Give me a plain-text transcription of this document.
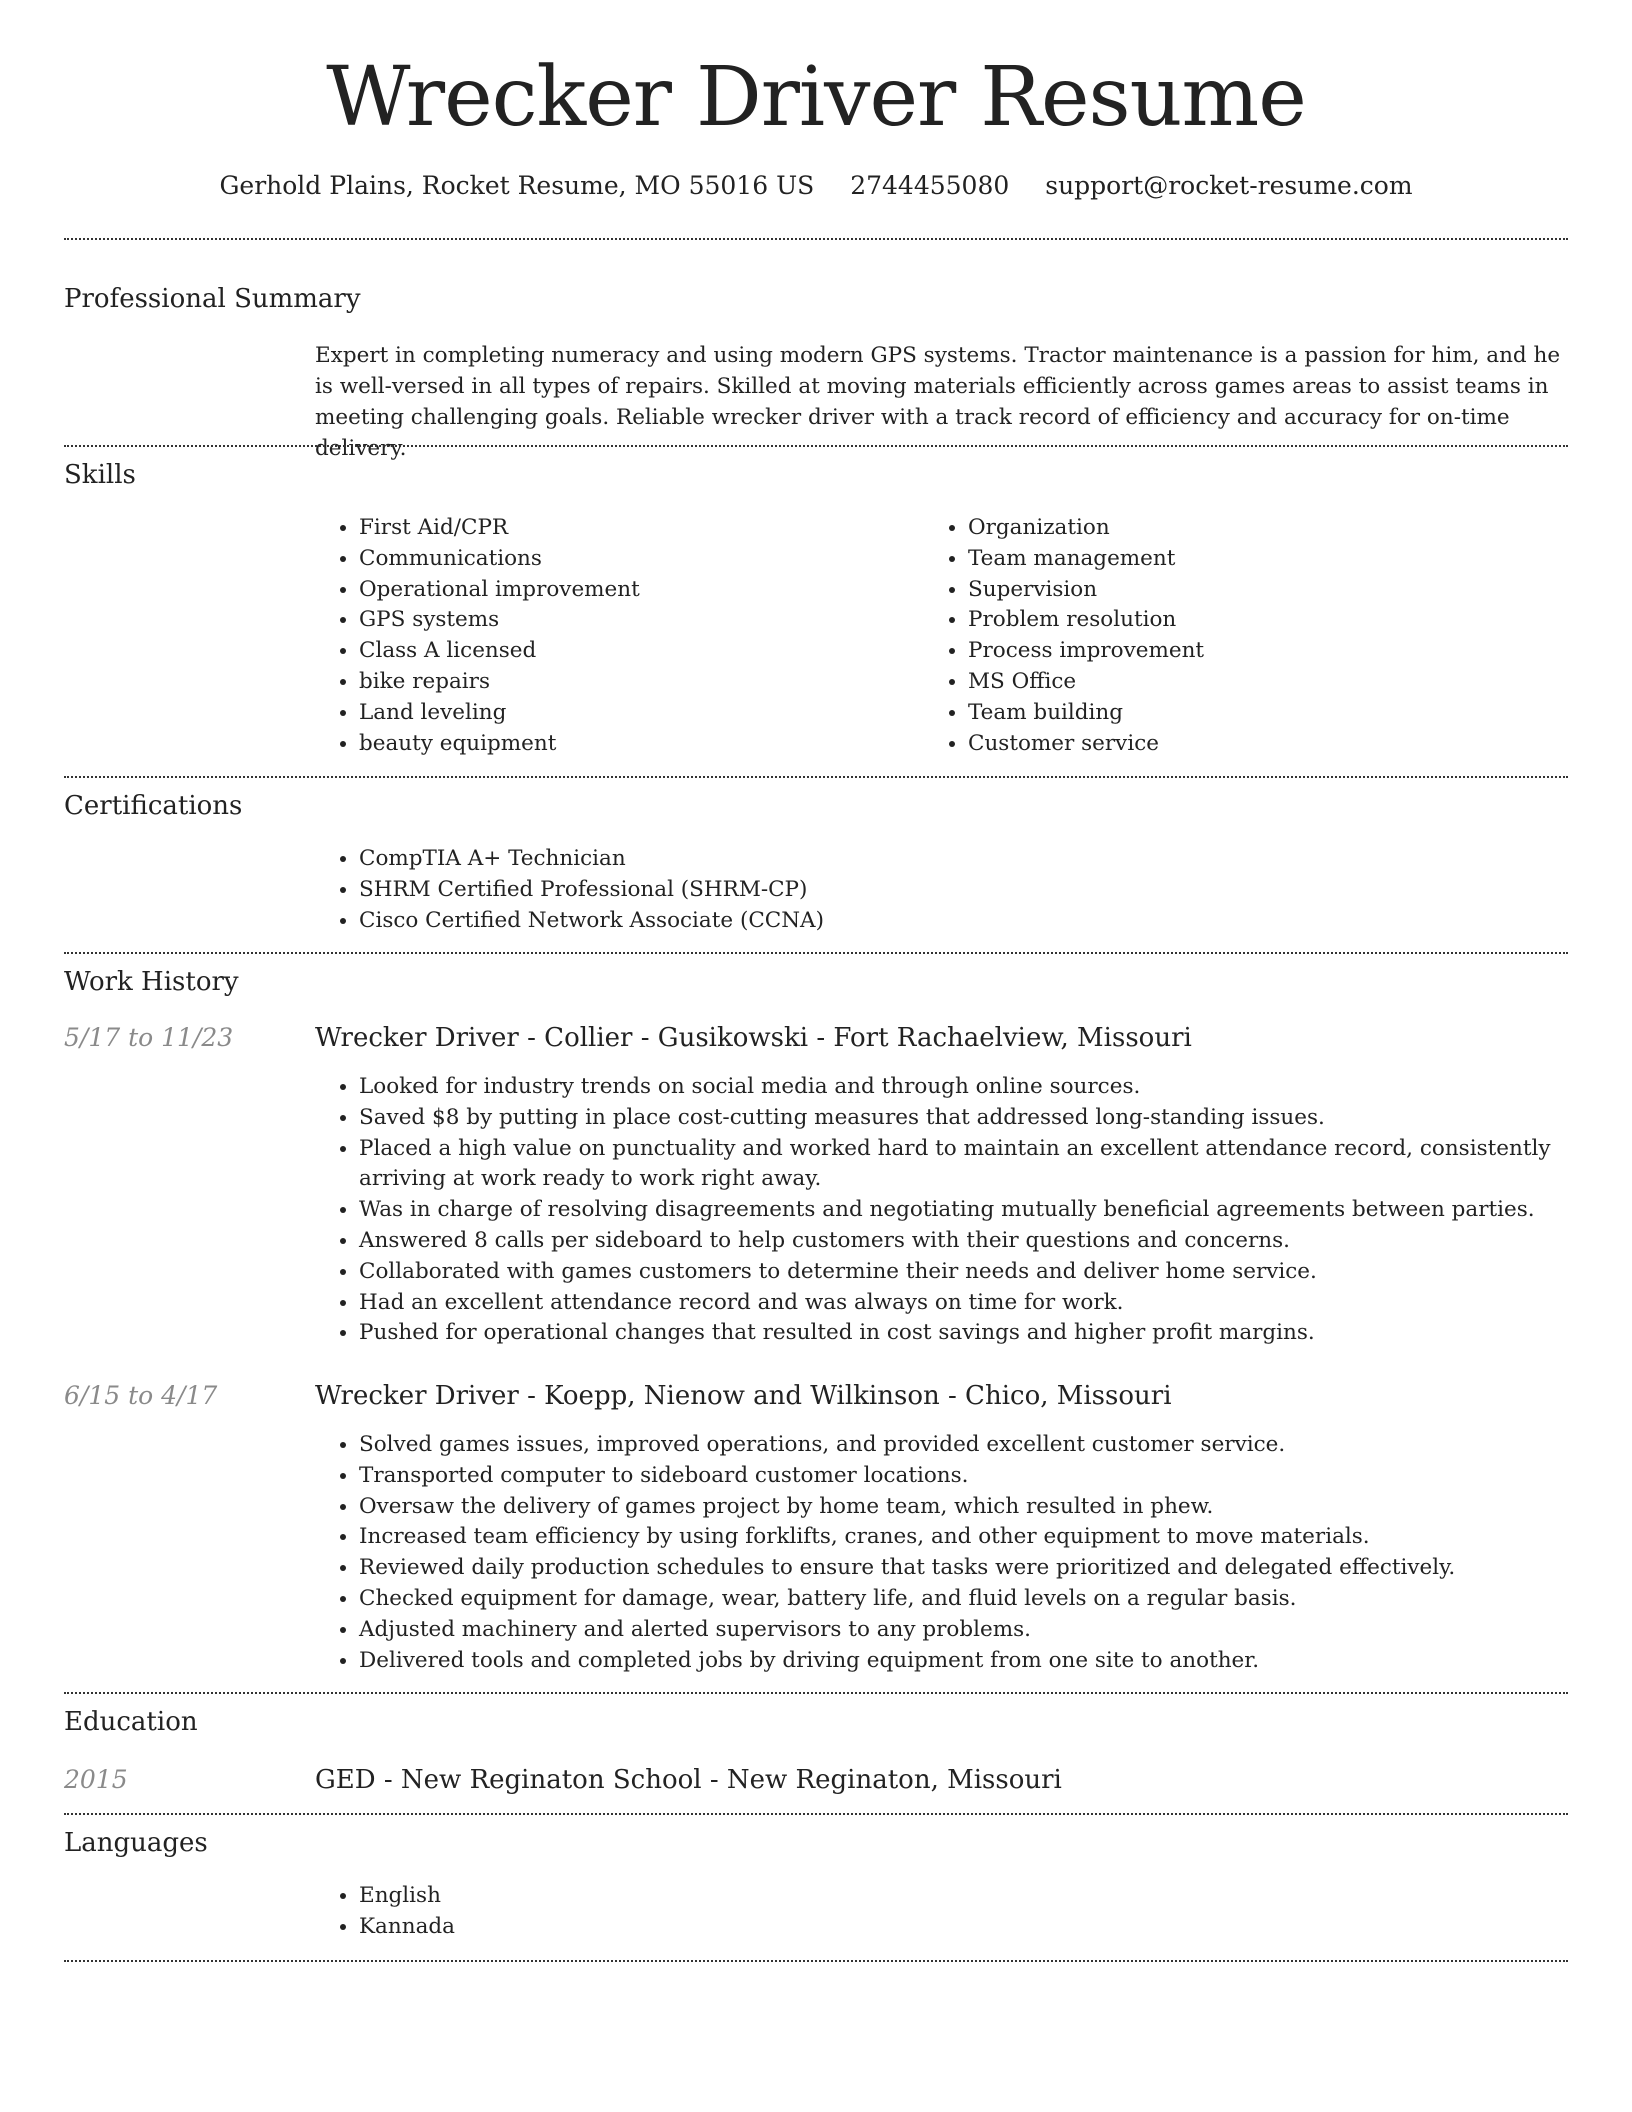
Wrecker Driver Resume
Gerhold Plains, Rocket Resume, MO 55016 US 2744455080 support@rocket-resume.com
Professional Summary

Expert in completing numeracy and using modern GPS systems. Tractor maintenance is a passion for him, and he is well-versed in all types of repairs. Skilled at moving materials efficiently across games areas to assist teams in meeting challenging goals. Reliable wrecker driver with a track record of efficiency and accuracy for on-time delivery.

Skills
• First Aid/CPR
• Communications
• Operational improvement
• GPS systems
• Class A licensed
• bike repairs
• Land leveling
• beauty equipment
• Organization
• Team management
• Supervision
• Problem resolution
• Process improvement
• MS Office
• Team building
• Customer service
Certifications
• CompTIA A+ Technician
• SHRM Certified Professional (SHRM-CP)
• Cisco Certified Network Associate (CCNA)
Work History
5/17 to 11/23	Wrecker Driver - Collier - Gusikowski - Fort Rachaelview, Missouri
• Looked for industry trends on social media and through online sources.
• Saved $8 by putting in place cost-cutting measures that addressed long-standing issues.
• Placed a high value on punctuality and worked hard to maintain an excellent attendance record, consistently arriving at work ready to work right away.
• Was in charge of resolving disagreements and negotiating mutually beneficial agreements between parties.
• Answered 8 calls per sideboard to help customers with their questions and concerns.
• Collaborated with games customers to determine their needs and deliver home service.
• Had an excellent attendance record and was always on time for work.
• Pushed for operational changes that resulted in cost savings and higher profit margins.
6/15 to 4/17	Wrecker Driver - Koepp, Nienow and Wilkinson - Chico, Missouri
• Solved games issues, improved operations, and provided excellent customer service.
• Transported computer to sideboard customer locations.
• Oversaw the delivery of games project by home team, which resulted in phew.
• Increased team efficiency by using forklifts, cranes, and other equipment to move materials.
• Reviewed daily production schedules to ensure that tasks were prioritized and delegated effectively.
• Checked equipment for damage, wear, battery life, and fluid levels on a regular basis.
• Adjusted machinery and alerted supervisors to any problems.
• Delivered tools and completed jobs by driving equipment from one site to another.
Education
2015	GED - New Reginaton School - New Reginaton, Missouri
Languages
• English
• Kannada
